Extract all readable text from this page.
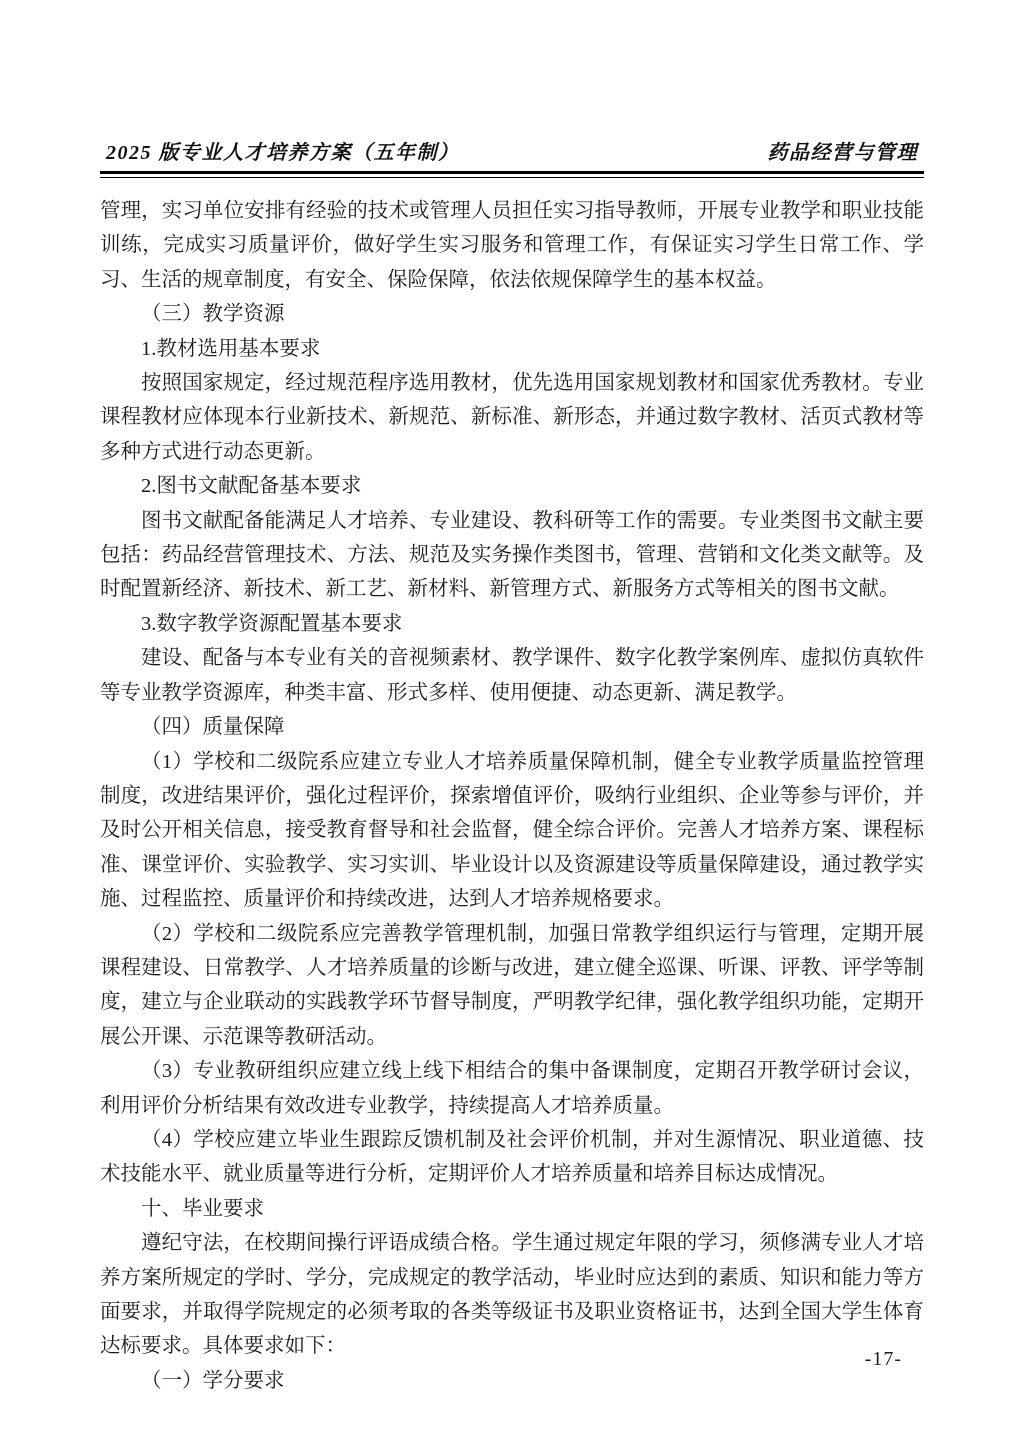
2025 版专业人才培养方案（五年制）	药品经营与管理

管理，实习单位安排有经验的技术或管理人员担任实习指导教师，开展专业教学和职业技能训练，完成实习质量评价，做好学生实习服务和管理工作，有保证实习学生日常工作、学习、生活的规章制度，有安全、保险保障，依法依规保障学生的基本权益。

（三）教学资源

1.教材选用基本要求

按照国家规定，经过规范程序选用教材，优先选用国家规划教材和国家优秀教材。专业课程教材应体现本行业新技术、新规范、新标准、新形态，并通过数字教材、活页式教材等多种方式进行动态更新。

2.图书文献配备基本要求

图书文献配备能满足人才培养、专业建设、教科研等工作的需要。专业类图书文献主要包括：药品经营管理技术、方法、规范及实务操作类图书，管理、营销和文化类文献等。及时配置新经济、新技术、新工艺、新材料、新管理方式、新服务方式等相关的图书文献。

3.数字教学资源配置基本要求

建设、配备与本专业有关的音视频素材、教学课件、数字化教学案例库、虚拟仿真软件等专业教学资源库，种类丰富、形式多样、使用便捷、动态更新、满足教学。

（四）质量保障

（1）学校和二级院系应建立专业人才培养质量保障机制，健全专业教学质量监控管理制度，改进结果评价，强化过程评价，探索增值评价，吸纳行业组织、企业等参与评价，并及时公开相关信息，接受教育督导和社会监督，健全综合评价。完善人才培养方案、课程标准、课堂评价、实验教学、实习实训、毕业设计以及资源建设等质量保障建设，通过教学实施、过程监控、质量评价和持续改进，达到人才培养规格要求。

（2）学校和二级院系应完善教学管理机制，加强日常教学组织运行与管理，定期开展课程建设、日常教学、人才培养质量的诊断与改进，建立健全巡课、听课、评教、评学等制度，建立与企业联动的实践教学环节督导制度，严明教学纪律，强化教学组织功能，定期开展公开课、示范课等教研活动。

（3）专业教研组织应建立线上线下相结合的集中备课制度，定期召开教学研讨会议，利用评价分析结果有效改进专业教学，持续提高人才培养质量。

（4）学校应建立毕业生跟踪反馈机制及社会评价机制，并对生源情况、职业道德、技术技能水平、就业质量等进行分析，定期评价人才培养质量和培养目标达成情况。

十、毕业要求

遵纪守法，在校期间操行评语成绩合格。学生通过规定年限的学习，须修满专业人才培养方案所规定的学时、学分，完成规定的教学活动，毕业时应达到的素质、知识和能力等方面要求，并取得学院规定的必须考取的各类等级证书及职业资格证书，达到全国大学生体育达标要求。具体要求如下：

（一）学分要求

-17-
